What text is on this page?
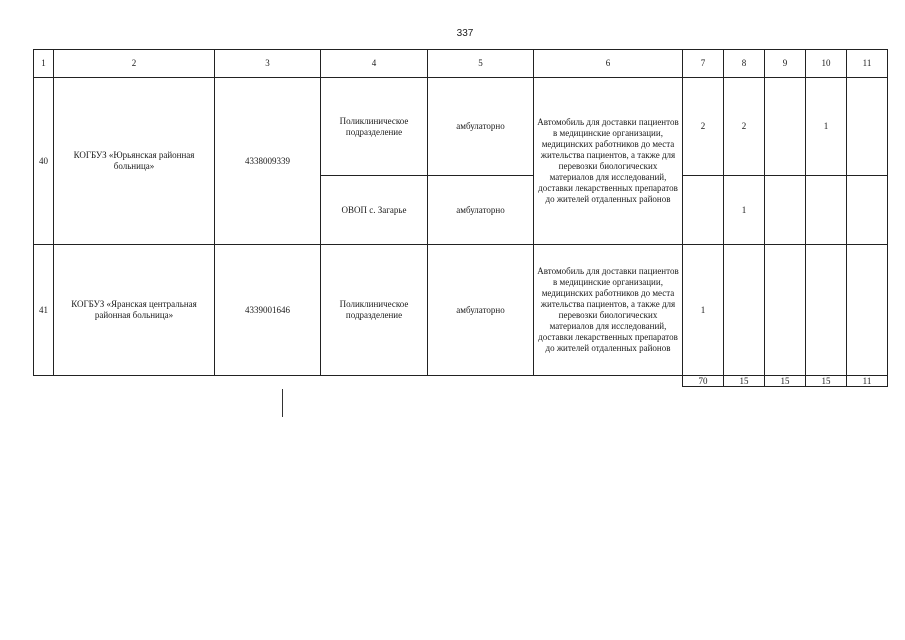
337
1	2	3	4	5	6	7	8	9	10	11
40	КОГБУЗ «Юрьянская районная больница»	4338009339	Поликлиническое подразделение	амбулаторно	Автомобиль для доставки пациентов в медицинские организации, медицинских работников до места жительства пациентов, а также для перевозки биологических материалов для исследований, доставки лекарственных препаратов до жителей отдаленных районов	2	2		1	
			ОВОП с. Загарье	амбулаторно			1			
41	КОГБУЗ «Яранская центральная районная больница»	4339001646	Поликлиническое подразделение	амбулаторно	Автомобиль для доставки пациентов в медицинские организации, медицинских работников до места жительства пациентов, а также для перевозки биологических материалов для исследований, доставки лекарственных препаратов до жителей отдаленных районов	1				
						70	15	15	15	11
